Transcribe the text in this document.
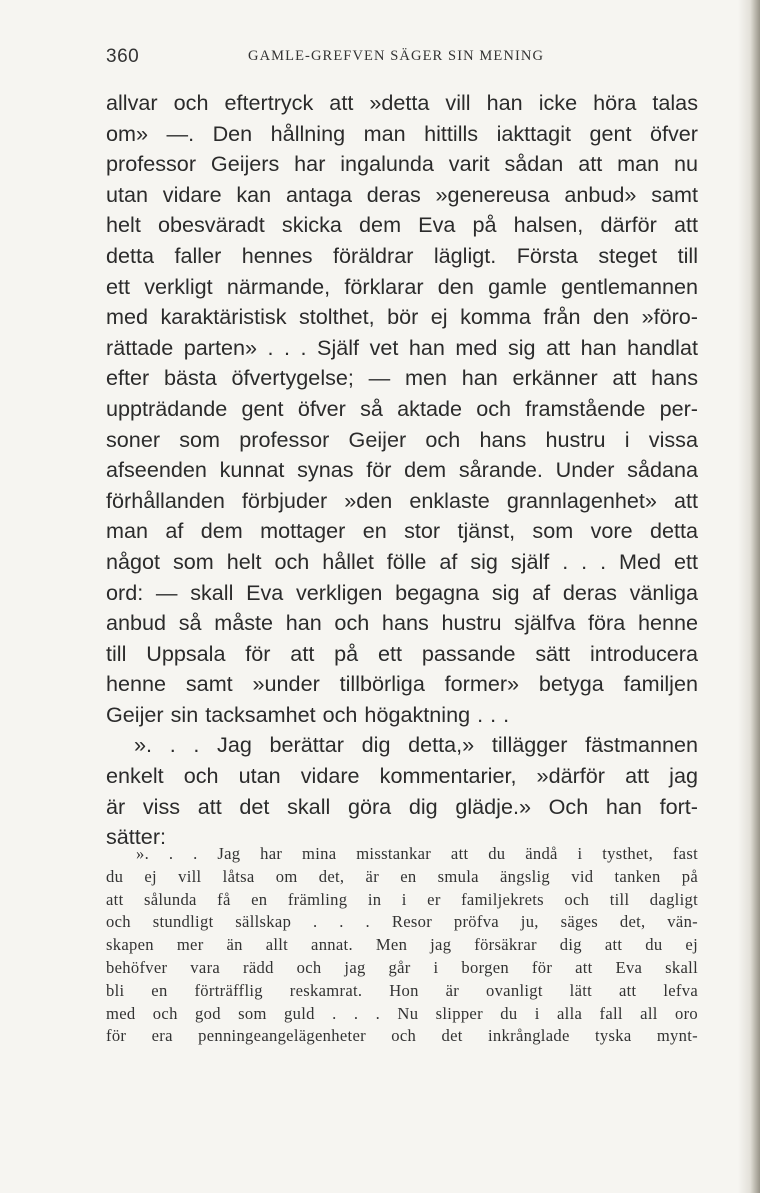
360	GAMLE-GREFVEN SÄGER SIN MENING
allvar och eftertryck att »detta vill han icke höra talas
om» —. Den hållning man hittills iakttagit gent öfver
professor Geijers har ingalunda varit sådan att man nu
utan vidare kan antaga deras »genereusa anbud» samt
helt obesväradt skicka dem Eva på halsen, därför att
detta faller hennes föräldrar lägligt. Första steget till
ett verkligt närmande, förklarar den gamle gentlemannen
med karaktäristisk stolthet, bör ej komma från den »föro-
rättade parten» . . . Själf vet han med sig att han handlat
efter bästa öfvertygelse; — men han erkänner att hans
uppträdande gent öfver så aktade och framstående per-
soner som professor Geijer och hans hustru i vissa
afseenden kunnat synas för dem sårande. Under sådana
förhållanden förbjuder »den enklaste grannlagenhet» att
man af dem mottager en stor tjänst, som vore detta
något som helt och hållet fölle af sig själf . . . Med ett
ord: — skall Eva verkligen begagna sig af deras vänliga
anbud så måste han och hans hustru själfva föra henne
till Uppsala för att på ett passande sätt introducera
henne samt »under tillbörliga former» betyga familjen
Geijer sin tacksamhet och högaktning . . .
». . . Jag berättar dig detta,» tillägger fästmannen
enkelt och utan vidare kommentarier, »därför att jag
är viss att det skall göra dig glädje.» Och han fort-
sätter:
». . . Jag har mina misstankar att du ändå i tysthet, fast
du ej vill låtsa om det, är en smula ängslig vid tanken på
att sålunda få en främling in i er familjekrets och till dagligt
och stundligt sällskap . . . Resor pröfva ju, säges det, vän-
skapen mer än allt annat. Men jag försäkrar dig att du ej
behöfver vara rädd och jag går i borgen för att Eva skall
bli en förträfflig reskamrat. Hon är ovanligt lätt att lefva
med och god som guld . . . Nu slipper du i alla fall all oro
för era penningeangelägenheter och det inkrånglade tyska mynt-
